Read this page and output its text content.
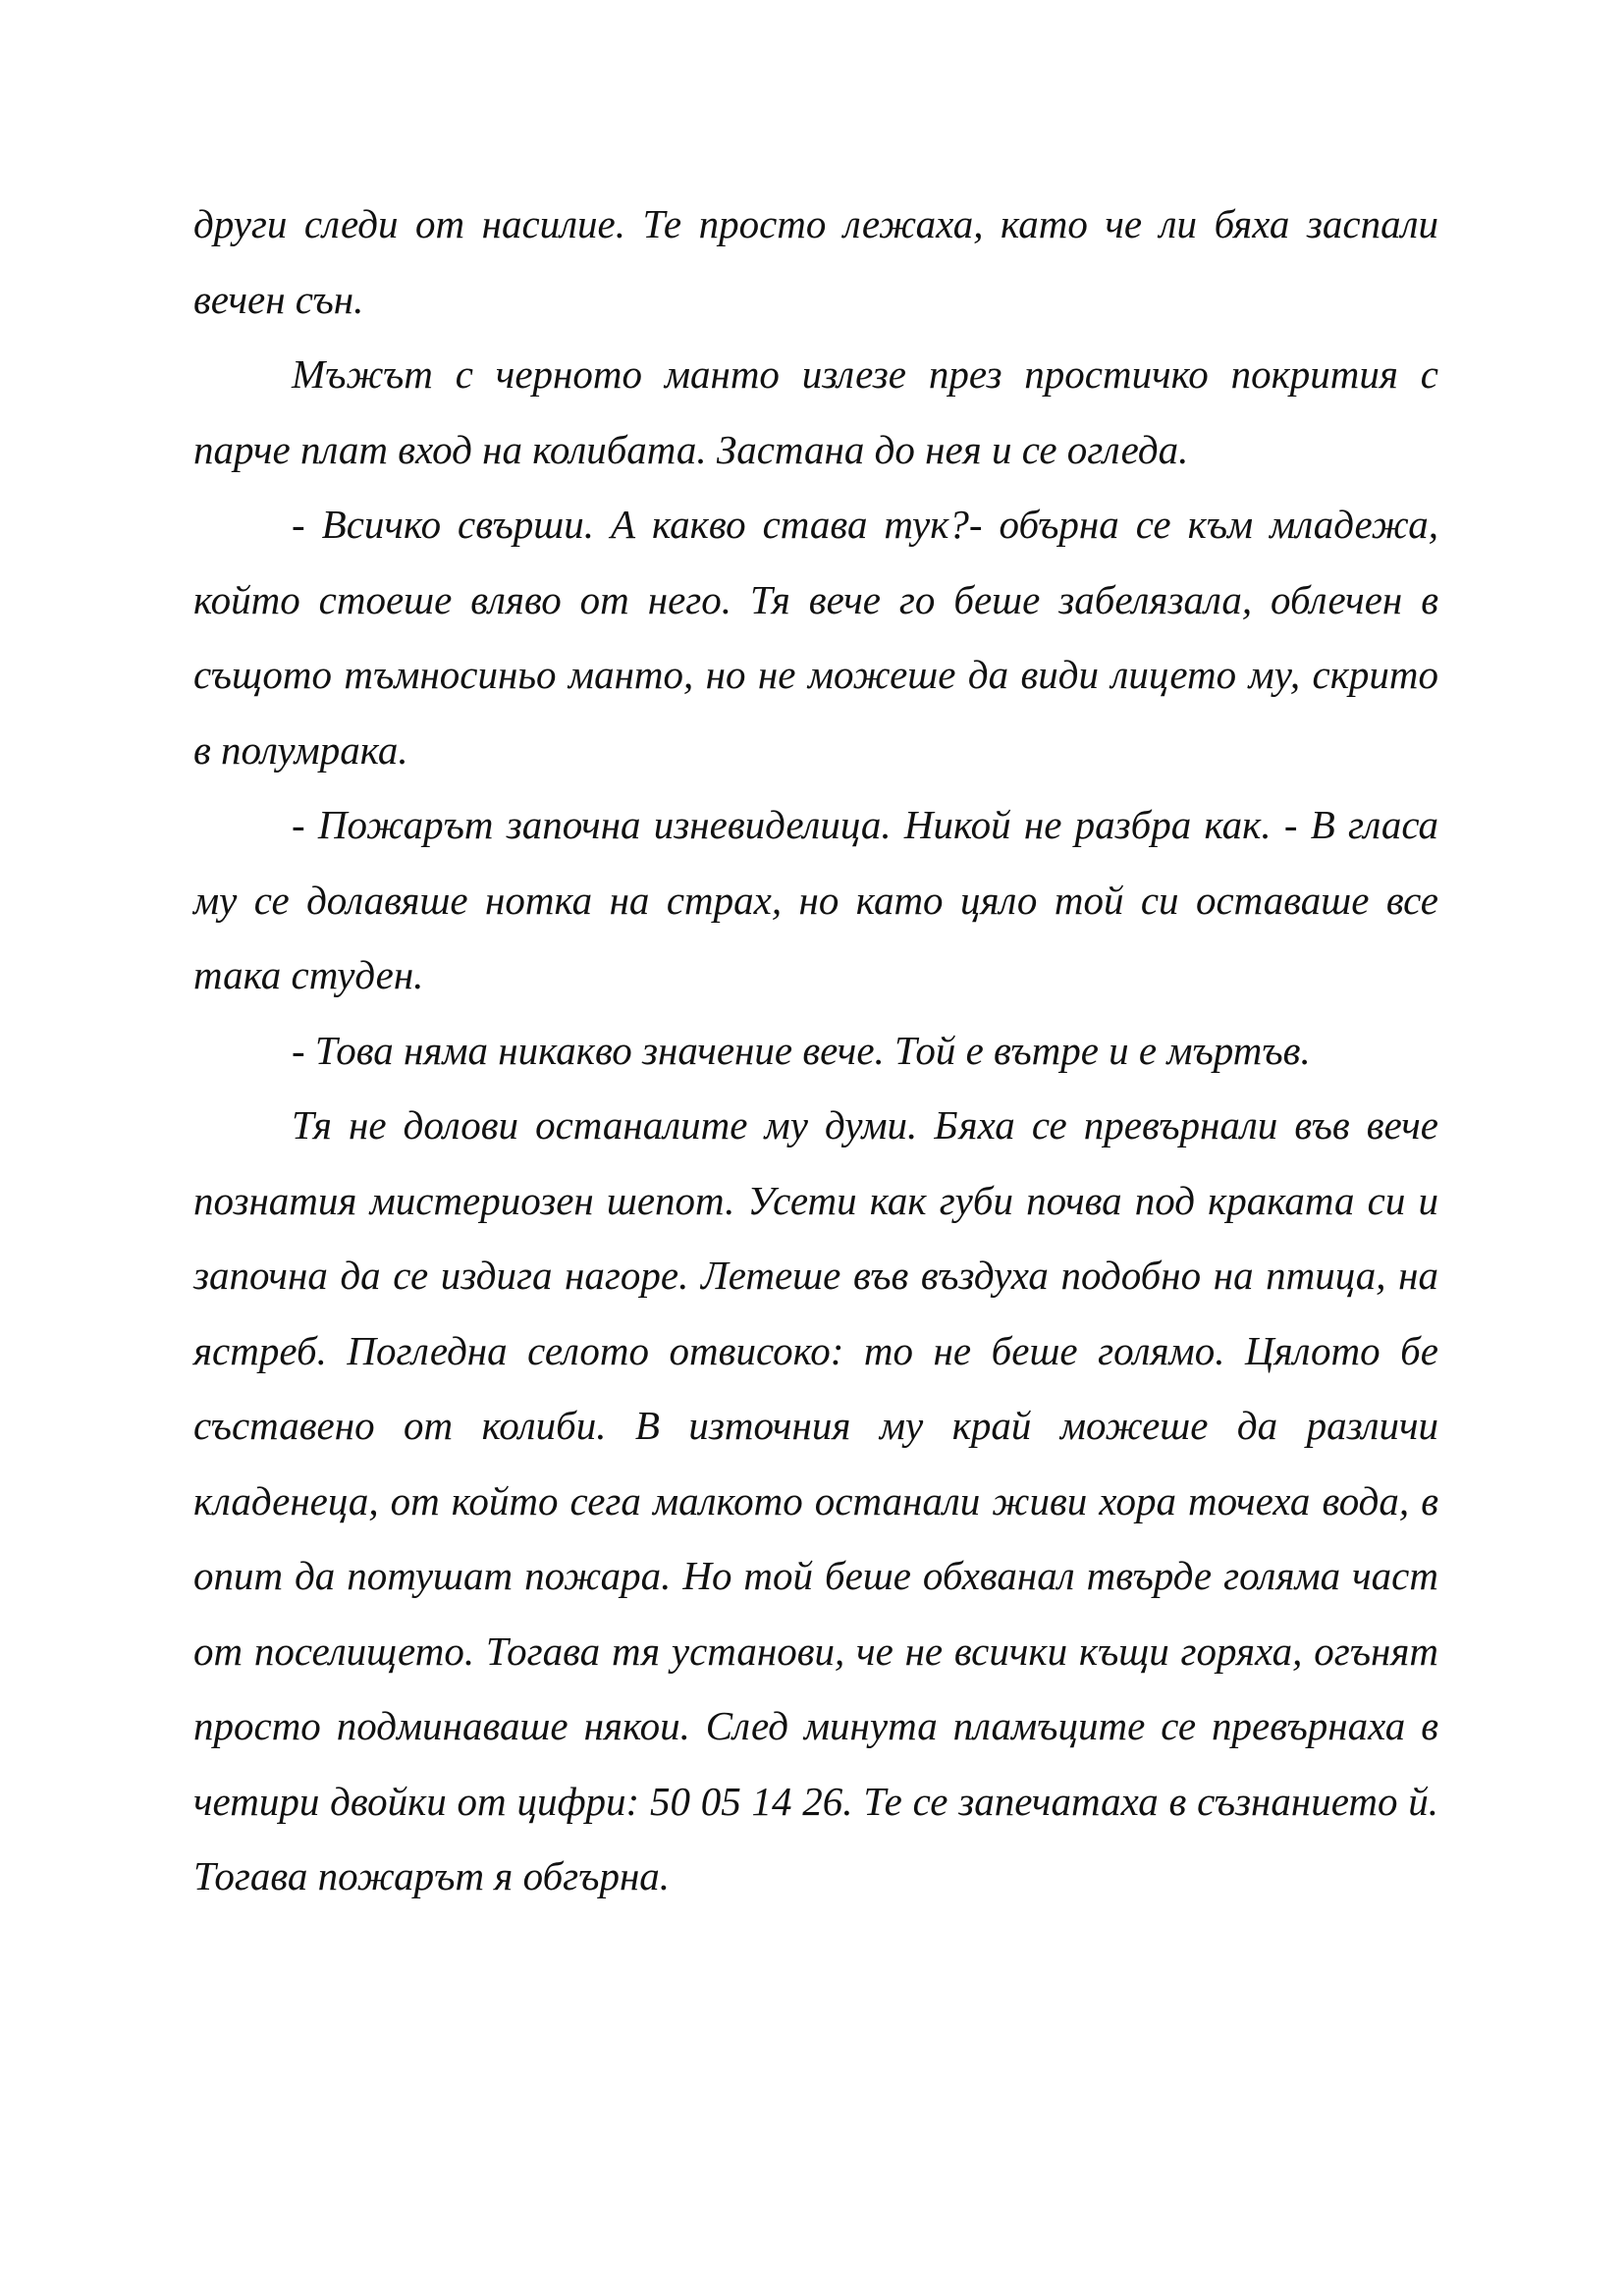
други следи от насилие. Те просто лежаха, като че ли бяха заспали вечен сън.

Мъжът с черното манто излезе през простичко покрития с парче плат вход на колибата. Застана до нея и се огледа.

- Всичко свърши. А какво става тук?- обърна се към младежа, който стоеше вляво от него. Тя вече го беше забелязала, облечен в същото тъмносиньо манто, но не можеше да види лицето му, скрито в полумрака.

- Пожарът започна изневиделица. Никой не разбра как. - В гласа му се долавяше нотка на страх, но като цяло той си оставаше все така студен.

- Това няма никакво значение вече. Той е вътре и е мъртъв.

Тя не долови останалите му думи. Бяха се превърнали във вече познатия мистериозен шепот. Усети как губи почва под краката си и започна да се издига нагоре. Летеше във въздуха подобно на птица, на ястреб. Погледна селото отвисоко: то не беше голямо. Цялото бе съставено от колиби. В източния му край можеше да различи кладенеца, от който сега малкото останали живи хора точеха вода, в опит да потушат пожара. Но той беше обхванал твърде голяма част от поселището. Тогава тя установи, че не всички къщи горяха, огънят просто подминаваше някои. След минута пламъците се превърнаха в четири двойки от цифри: 50 05 14 26. Те се запечатаха в съзнанието й. Тогава пожарът я обгърна.
